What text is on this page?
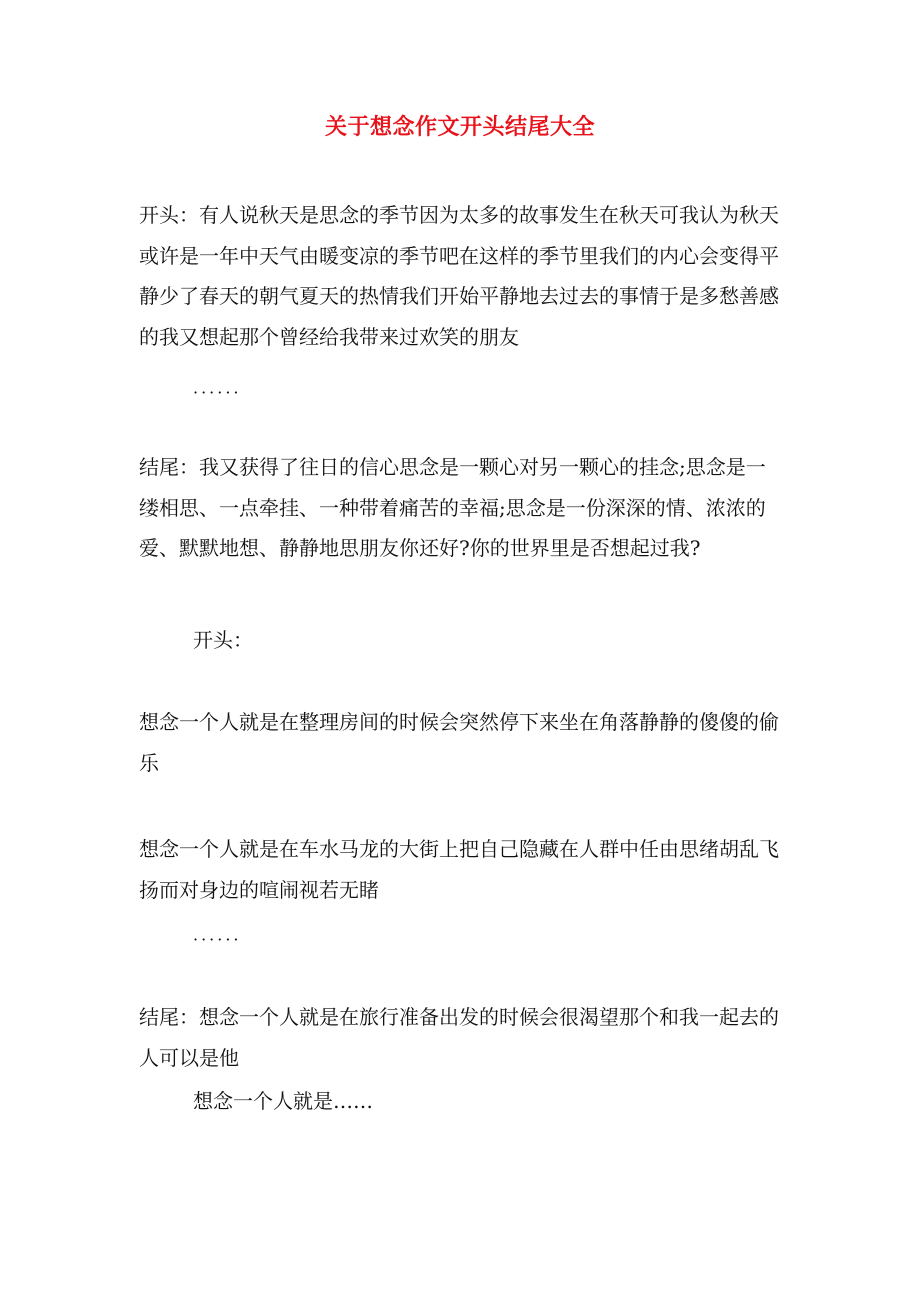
关于想念作文开头结尾大全

开头：有人说秋天是思念的季节因为太多的故事发生在秋天可我认为秋天或许是一年中天气由暖变凉的季节吧在这样的季节里我们的内心会变得平静少了春天的朝气夏天的热情我们开始平静地去过去的事情于是多愁善感的我又想起那个曾经给我带来过欢笑的朋友

······

结尾：我又获得了往日的信心思念是一颗心对另一颗心的挂念;思念是一缕相思、一点牵挂、一种带着痛苦的幸福;思念是一份深深的情、浓浓的爱、默默地想、静静地思朋友你还好?你的世界里是否想起过我?

开头：

想念一个人就是在整理房间的时候会突然停下来坐在角落静静的傻傻的偷乐

想念一个人就是在车水马龙的大街上把自己隐藏在人群中任由思绪胡乱飞扬而对身边的喧闹视若无睹

······

结尾：想念一个人就是在旅行准备出发的时候会很渴望那个和我一起去的人可以是他

想念一个人就是……
